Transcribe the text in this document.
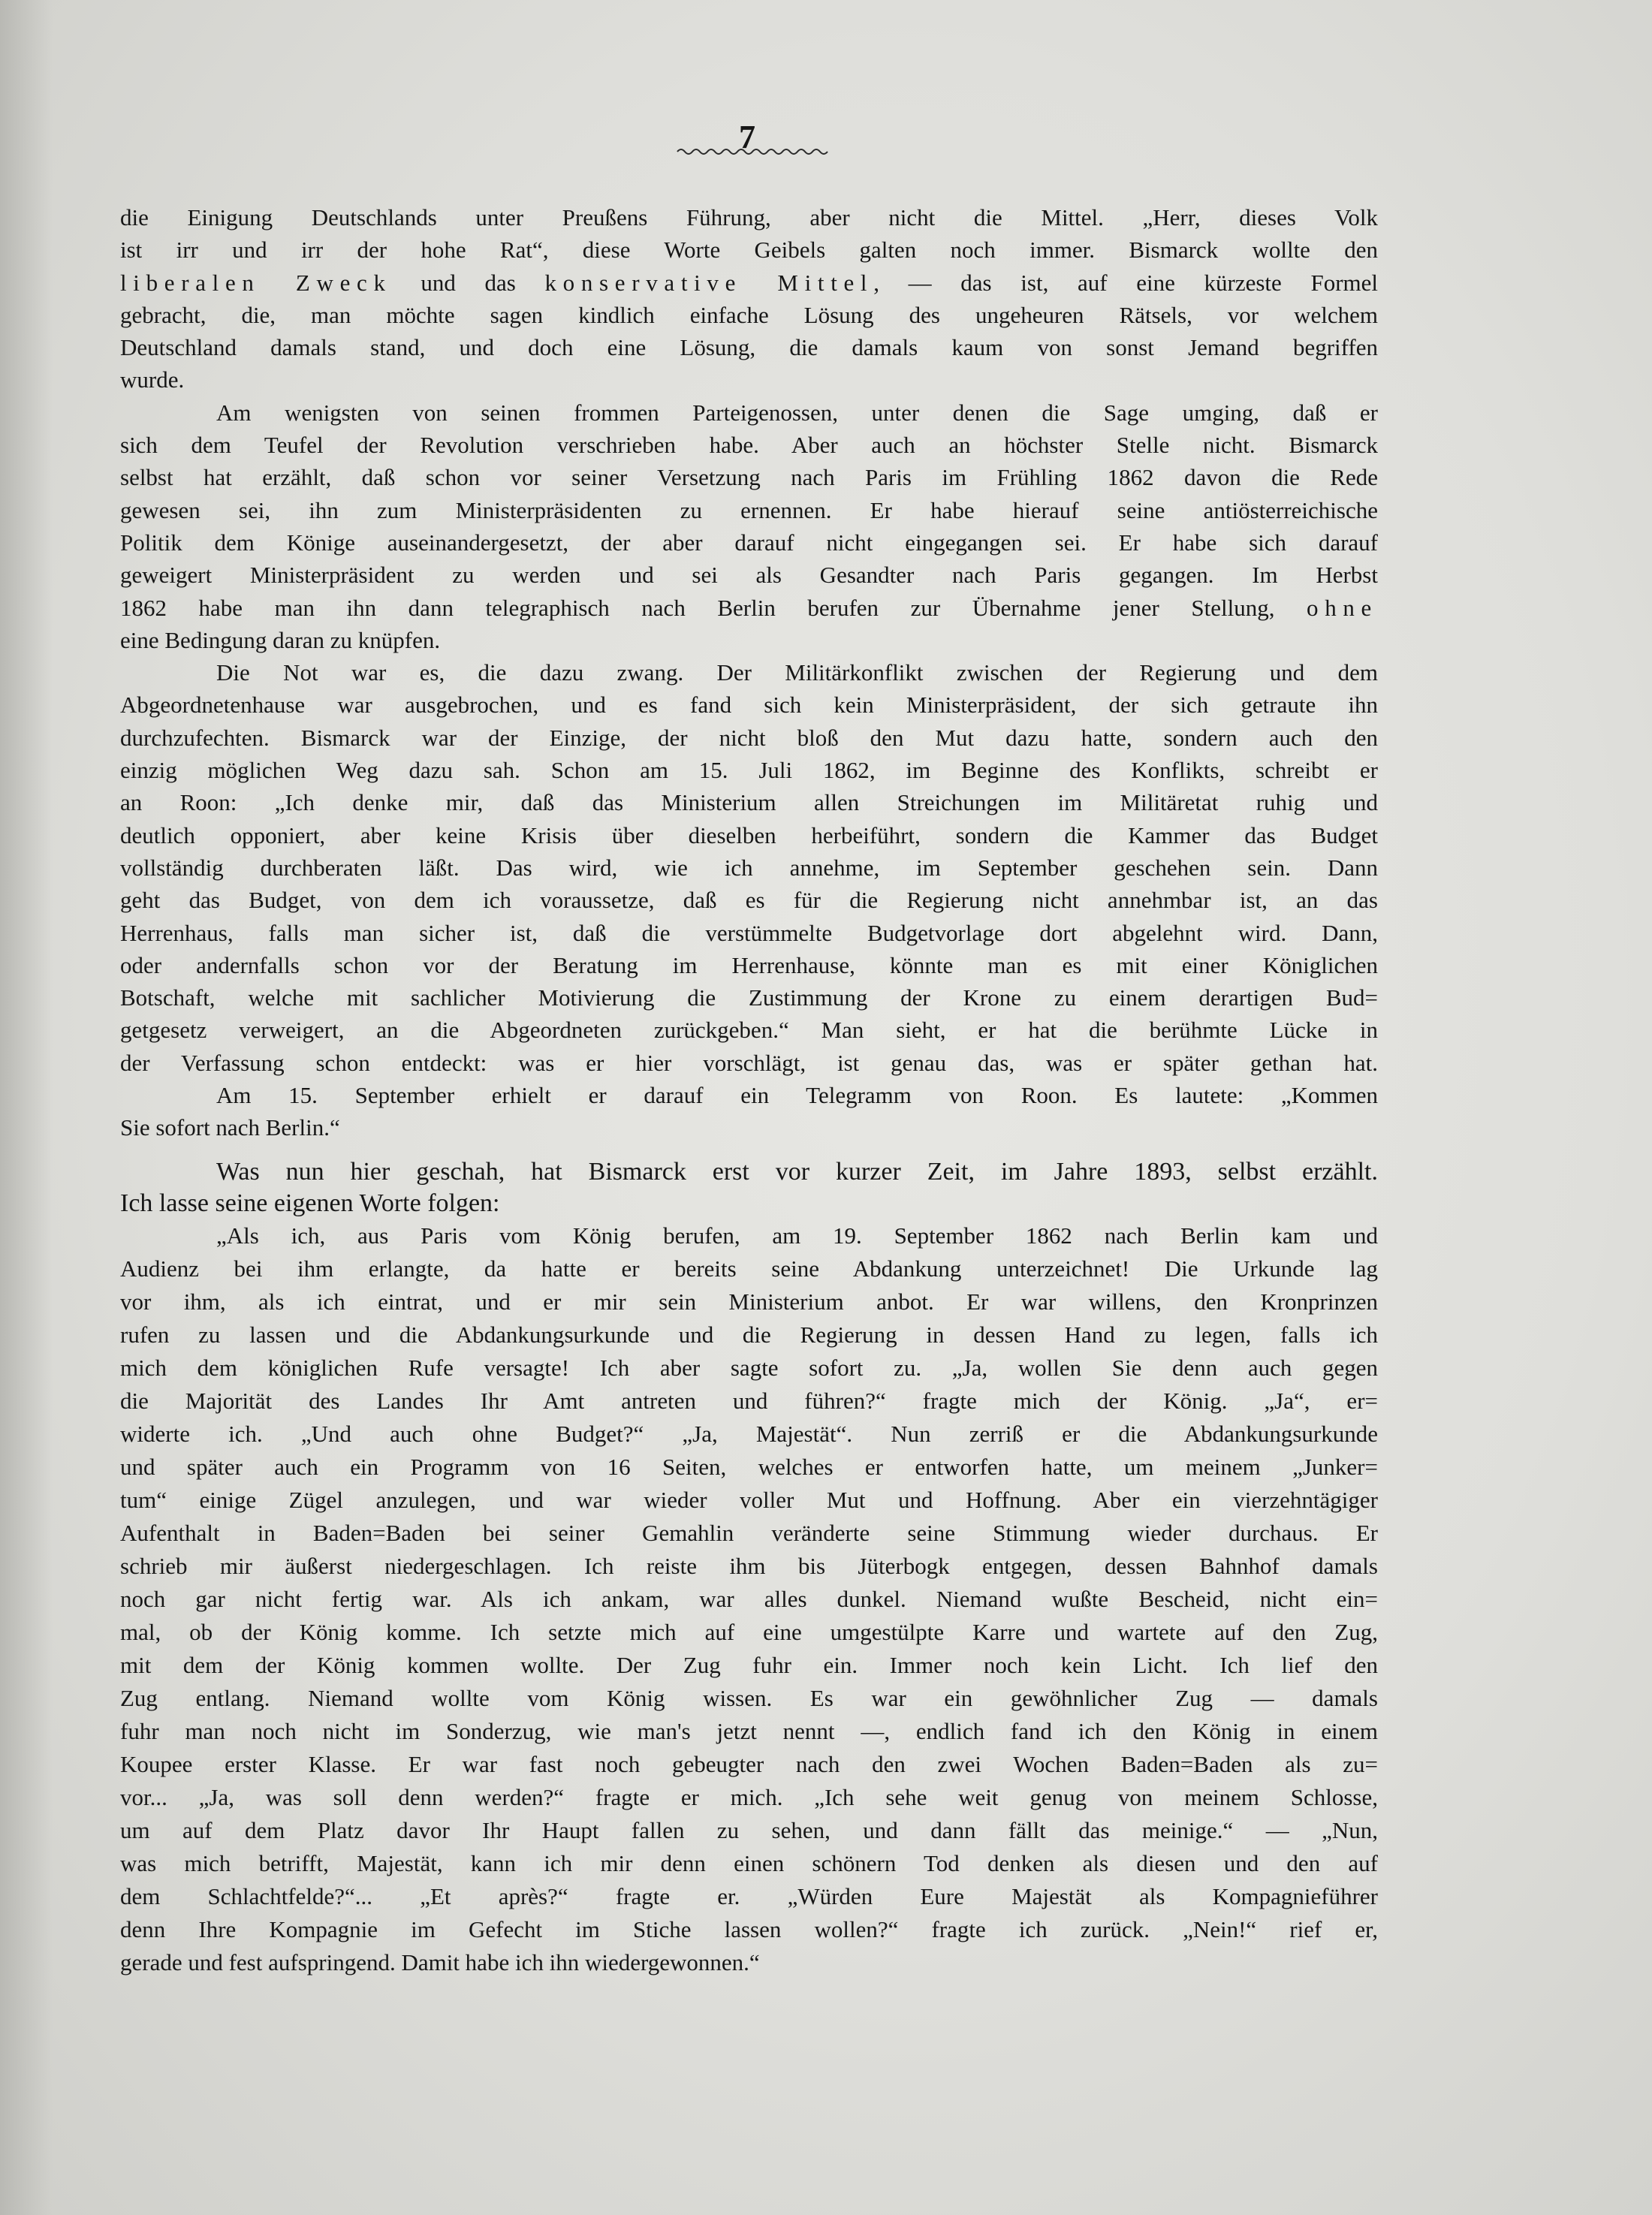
7
die Einigung Deutschlands unter Preußens Führung, aber nicht die Mittel. „Herr, dieses Volk
ist irr und irr der hohe Rat“, diese Worte Geibels galten noch immer. Bismarck wollte den
liberalen Zweck und das konservative Mittel, — das ist, auf eine kürzeste Formel
gebracht, die, man möchte sagen kindlich einfache Lösung des ungeheuren Rätsels, vor welchem
Deutschland damals stand, und doch eine Lösung, die damals kaum von sonst Jemand begriffen
wurde.
Am wenigsten von seinen frommen Parteigenossen, unter denen die Sage umging, daß er
sich dem Teufel der Revolution verschrieben habe. Aber auch an höchster Stelle nicht. Bismarck
selbst hat erzählt, daß schon vor seiner Versetzung nach Paris im Frühling 1862 davon die Rede
gewesen sei, ihn zum Ministerpräsidenten zu ernennen. Er habe hierauf seine antiösterreichische
Politik dem Könige auseinandergesetzt, der aber darauf nicht eingegangen sei. Er habe sich darauf
geweigert Ministerpräsident zu werden und sei als Gesandter nach Paris gegangen. Im Herbst
1862 habe man ihn dann telegraphisch nach Berlin berufen zur Übernahme jener Stellung, ohne
eine Bedingung daran zu knüpfen.
Die Not war es, die dazu zwang. Der Militärkonflikt zwischen der Regierung und dem
Abgeordnetenhause war ausgebrochen, und es fand sich kein Ministerpräsident, der sich getraute ihn
durchzufechten. Bismarck war der Einzige, der nicht bloß den Mut dazu hatte, sondern auch den
einzig möglichen Weg dazu sah. Schon am 15. Juli 1862, im Beginne des Konflikts, schreibt er
an Roon: „Ich denke mir, daß das Ministerium allen Streichungen im Militäretat ruhig und
deutlich opponiert, aber keine Krisis über dieselben herbeiführt, sondern die Kammer das Budget
vollständig durchberaten läßt. Das wird, wie ich annehme, im September geschehen sein. Dann
geht das Budget, von dem ich voraussetze, daß es für die Regierung nicht annehmbar ist, an das
Herrenhaus, falls man sicher ist, daß die verstümmelte Budgetvorlage dort abgelehnt wird. Dann,
oder andernfalls schon vor der Beratung im Herrenhause, könnte man es mit einer Königlichen
Botschaft, welche mit sachlicher Motivierung die Zustimmung der Krone zu einem derartigen Bud=
getgesetz verweigert, an die Abgeordneten zurückgeben.“ Man sieht, er hat die berühmte Lücke in
der Verfassung schon entdeckt: was er hier vorschlägt, ist genau das, was er später gethan hat.
Am 15. September erhielt er darauf ein Telegramm von Roon. Es lautete: „Kommen
Sie sofort nach Berlin.“
Was nun hier geschah, hat Bismarck erst vor kurzer Zeit, im Jahre 1893, selbst erzählt.
Ich lasse seine eigenen Worte folgen:
„Als ich, aus Paris vom König berufen, am 19. September 1862 nach Berlin kam und
Audienz bei ihm erlangte, da hatte er bereits seine Abdankung unterzeichnet! Die Urkunde lag
vor ihm, als ich eintrat, und er mir sein Ministerium anbot. Er war willens, den Kronprinzen
rufen zu lassen und die Abdankungsurkunde und die Regierung in dessen Hand zu legen, falls ich
mich dem königlichen Rufe versagte! Ich aber sagte sofort zu. „Ja, wollen Sie denn auch gegen
die Majorität des Landes Ihr Amt antreten und führen?“ fragte mich der König. „Ja“, er=
widerte ich. „Und auch ohne Budget?“ „Ja, Majestät“. Nun zerriß er die Abdankungsurkunde
und später auch ein Programm von 16 Seiten, welches er entworfen hatte, um meinem „Junker=
tum“ einige Zügel anzulegen, und war wieder voller Mut und Hoffnung. Aber ein vierzehntägiger
Aufenthalt in Baden=Baden bei seiner Gemahlin veränderte seine Stimmung wieder durchaus. Er
schrieb mir äußerst niedergeschlagen. Ich reiste ihm bis Jüterbogk entgegen, dessen Bahnhof damals
noch gar nicht fertig war. Als ich ankam, war alles dunkel. Niemand wußte Bescheid, nicht ein=
mal, ob der König komme. Ich setzte mich auf eine umgestülpte Karre und wartete auf den Zug,
mit dem der König kommen wollte. Der Zug fuhr ein. Immer noch kein Licht. Ich lief den
Zug entlang. Niemand wollte vom König wissen. Es war ein gewöhnlicher Zug — damals
fuhr man noch nicht im Sonderzug, wie man's jetzt nennt —, endlich fand ich den König in einem
Koupee erster Klasse. Er war fast noch gebeugter nach den zwei Wochen Baden=Baden als zu=
vor... „Ja, was soll denn werden?“ fragte er mich. „Ich sehe weit genug von meinem Schlosse,
um auf dem Platz davor Ihr Haupt fallen zu sehen, und dann fällt das meinige.“ — „Nun,
was mich betrifft, Majestät, kann ich mir denn einen schönern Tod denken als diesen und den auf
dem Schlachtfelde?“... „Et après?“ fragte er. „Würden Eure Majestät als Kompagnieführer
denn Ihre Kompagnie im Gefecht im Stiche lassen wollen?“ fragte ich zurück. „Nein!“ rief er,
gerade und fest aufspringend. Damit habe ich ihn wiedergewonnen.“
